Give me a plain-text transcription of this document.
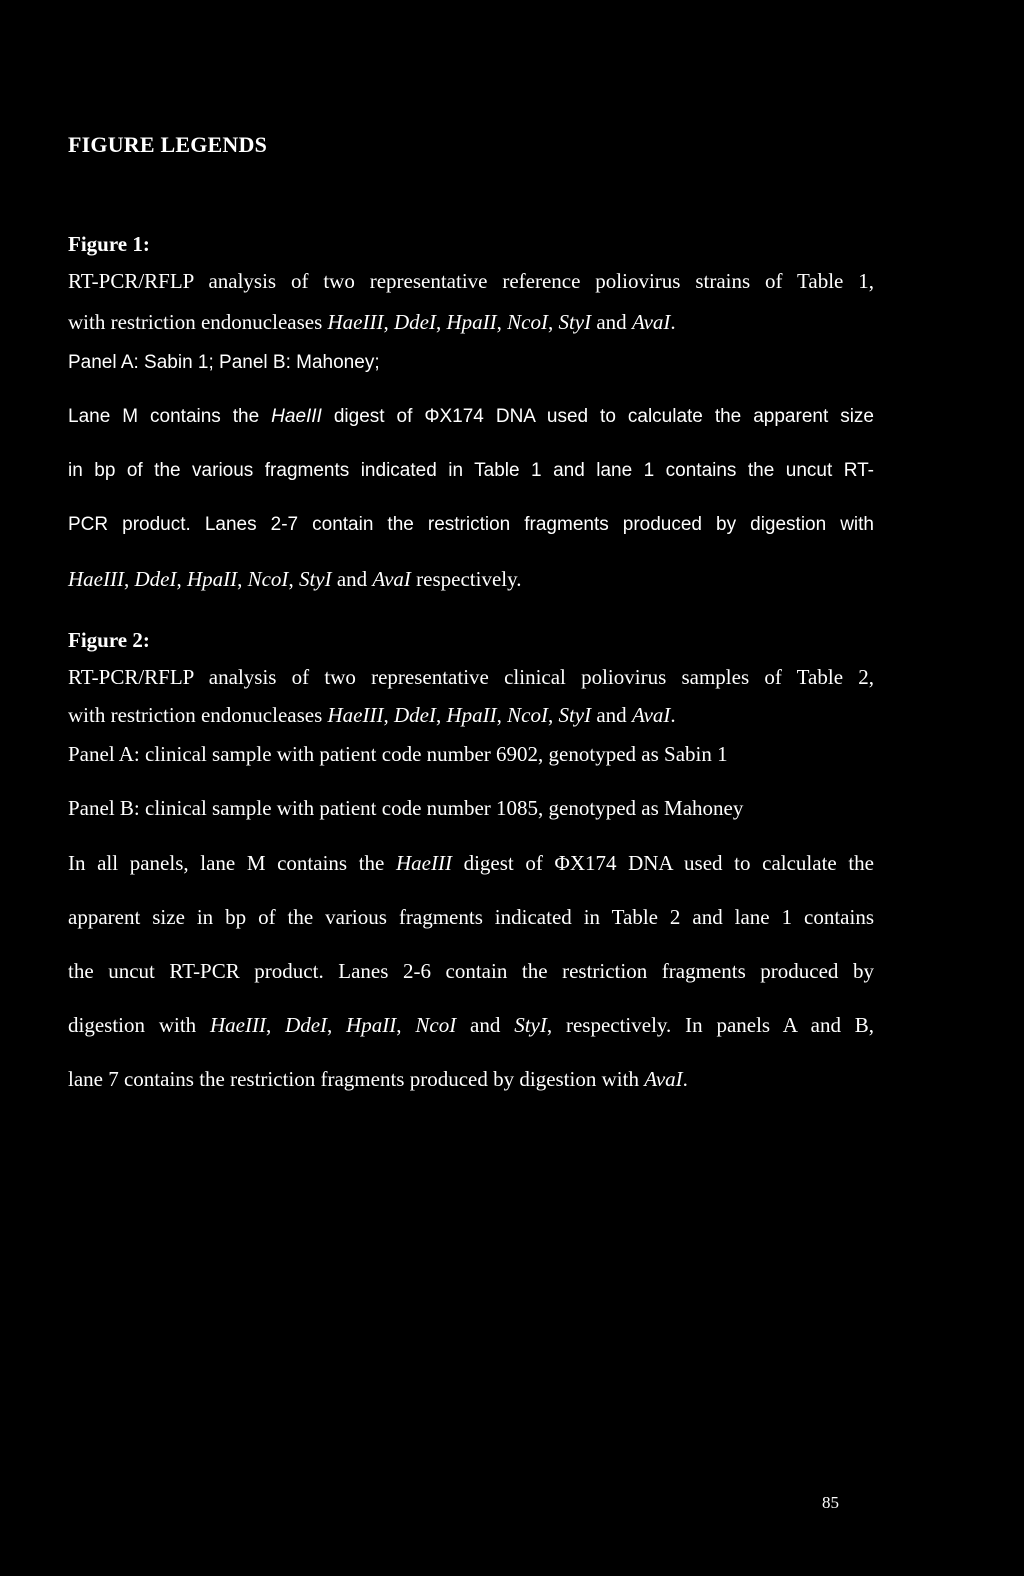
FIGURE LEGENDS
Figure 1:
RT-PCR/RFLP analysis of two representative reference poliovirus strains of Table 1,
with restriction endonucleases HaeIII, DdeI, HpaII, NcoI, StyI and AvaI.
Panel A: Sabin 1; Panel B: Mahoney;
Lane M contains the HaeIII digest of ΦX174 DNA used to calculate the apparent size
in bp of the various fragments indicated in Table 1 and lane 1 contains the uncut RT-
PCR product. Lanes 2-7 contain the restriction fragments produced by digestion with
HaeIII, DdeI, HpaII, NcoI, StyI and AvaI respectively.
Figure 2:
RT-PCR/RFLP analysis of two representative clinical poliovirus samples of Table 2,
with restriction endonucleases HaeIII, DdeI, HpaII, NcoI, StyI and AvaI.
Panel A: clinical sample with patient code number 6902, genotyped as Sabin 1
Panel B: clinical sample with patient code number 1085, genotyped as Mahoney
In all panels, lane M contains the HaeIII digest of ΦX174 DNA used to calculate the
apparent size in bp of the various fragments indicated in Table 2 and lane 1 contains
the uncut RT-PCR product. Lanes 2-6 contain the restriction fragments produced by
digestion with HaeIII, DdeI, HpaII, NcoI and StyI, respectively. In panels A and B,
lane 7 contains the restriction fragments produced by digestion with AvaI.
85
